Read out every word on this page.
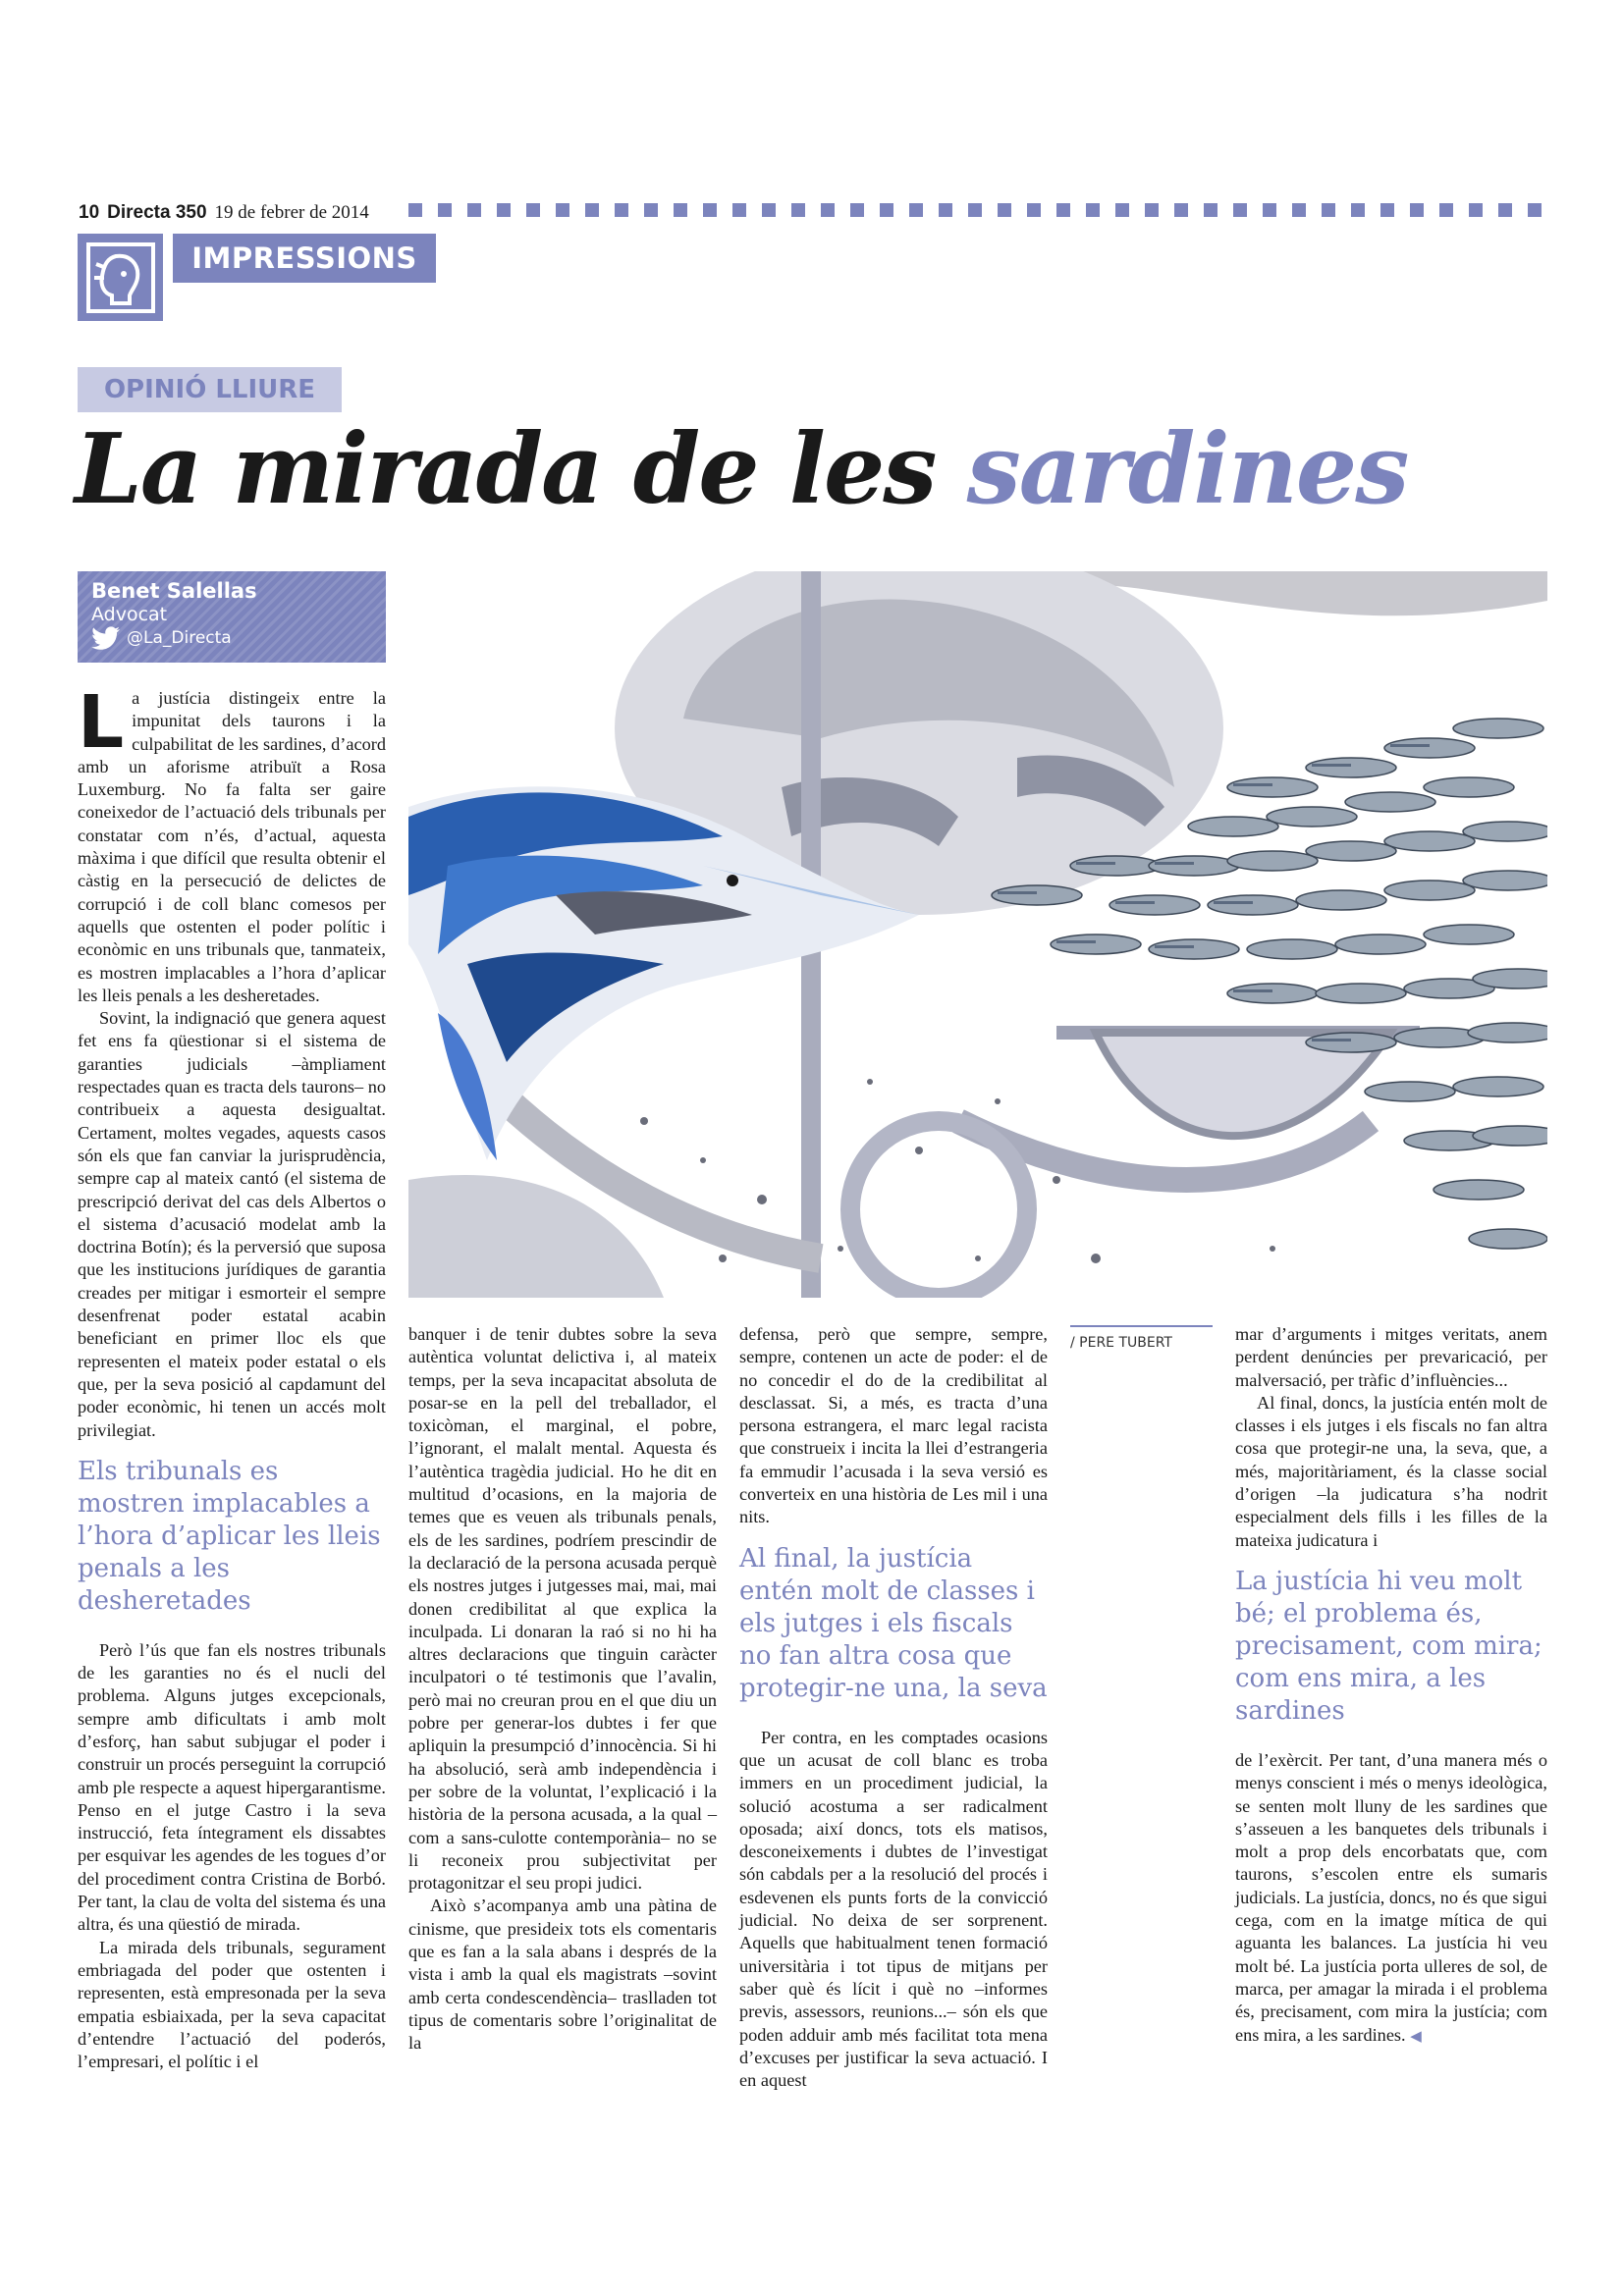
10 Directa 350 19 de febrer de 2014
IMPRESSIONS
OPINIÓ LLIURE
La mirada de les sardines
Benet Salellas
Advocat
@La_Directa

La justícia distingeix entre la impunitat dels taurons i la culpabilitat de les sardines, d’acord amb un aforisme atribuït a Rosa Luxemburg. No fa falta ser gaire coneixedor de l’actuació dels tribunals per constatar com n’és, d’actual, aquesta màxima i que difícil que resulta obtenir el càstig en la persecució de delictes de corrupció i de coll blanc comesos per aquells que ostenten el poder polític i econòmic en uns tribunals que, tanmateix, es mostren implacables a l’hora d’aplicar les lleis penals a les desheretades.

Sovint, la indignació que genera aquest fet ens fa qüestionar si el sistema de garanties judicials –àmpliament respectades quan es tracta dels taurons– no contribueix a aquesta desigualtat. Certament, moltes vegades, aquests casos són els que fan canviar la jurisprudència, sempre cap al mateix cantó (el sistema de prescripció derivat del cas dels Albertos o el sistema d’acusació modelat amb la doctrina Botín); és la perversió que suposa que les institucions jurídiques de garantia creades per mitigar i esmorteir el sempre desenfrenat poder estatal acabin beneficiant en primer lloc els que representen el mateix poder estatal o els que, per la seva posició al capdamunt del poder econòmic, hi tenen un accés molt privilegiat.

Els tribunals es mostren implacables a l’hora d’aplicar les lleis penals a les desheretades

Però l’ús que fan els nostres tribunals de les garanties no és el nucli del problema. Alguns jutges excepcionals, sempre amb dificultats i amb molt d’esforç, han sabut subjugar el poder i construir un procés perseguint la corrupció amb ple respecte a aquest hipergarantisme. Penso en el jutge Castro i la seva instrucció, feta íntegrament els dissabtes per esquivar les agendes de les togues d’or del procediment contra Cristina de Borbó. Per tant, la clau de volta del sistema és una altra, és una qüestió de mirada.

La mirada dels tribunals, segurament embriagada del poder que ostenten i representen, està empresonada per la seva empatia esbiaixada, per la seva capacitat d’entendre l’actuació del poderós, l’empresari, el polític i el

banquer i de tenir dubtes sobre la seva autèntica voluntat delictiva i, al mateix temps, per la seva incapacitat absoluta de posar-se en la pell del treballador, el toxicòman, el marginal, el pobre, l’ignorant, el malalt mental. Aquesta és l’autèntica tragèdia judicial. Ho he dit en multitud d’ocasions, en la majoria de temes que es veuen als tribunals penals, els de les sardines, podríem prescindir de la declaració de la persona acusada perquè els nostres jutges i jutgesses mai, mai, mai donen credibilitat al que explica la inculpada. Li donaran la raó si no hi ha altres declaracions que tinguin caràcter inculpatori o té testimonis que l’avalin, però mai no creuran prou en el que diu un pobre per generar-los dubtes i fer que apliquin la presumpció d’innocència. Si hi ha absolució, serà amb independència i per sobre de la voluntat, l’explicació i la història de la persona acusada, a la qual –com a sans-culotte contemporània– no se li reconeix prou subjectivitat per protagonitzar el seu propi judici.

Això s’acompanya amb una pàtina de cinisme, que presideix tots els comentaris que es fan a la sala abans i després de la vista i amb la qual els magistrats –sovint amb certa condescendència– traslladen tot tipus de comentaris sobre l’originalitat de la

defensa, però que sempre, sempre, sempre, contenen un acte de poder: el de no concedir el do de la credibilitat al desclassat. Si, a més, es tracta d’una persona estrangera, el marc legal racista que construeix i incita la llei d’estrangeria fa emmudir l’acusada i la seva versió es converteix en una història de Les mil i una nits.

Al final, la justícia entén molt de classes i els jutges i els fiscals no fan altra cosa que protegir-ne una, la seva

Per contra, en les comptades ocasions que un acusat de coll blanc es troba immers en un procediment judicial, la solució acostuma a ser radicalment oposada; així doncs, tots els matisos, desconeixements i dubtes de l’investigat són cabdals per a la resolució del procés i esdevenen els punts forts de la convicció judicial. No deixa de ser sorprenent. Aquells que habitualment tenen formació universitària i tot tipus de mitjans per saber què és lícit i què no –informes previs, assessors, reunions...– són els que poden adduir amb més facilitat tota mena d’excuses per justificar la seva actuació. I en aquest

/ PERE TUBERT	mar d’arguments i mitges veritats, anem perdent denúncies per prevaricació, per malversació, per tràfic d’influències...

Al final, doncs, la justícia entén molt de classes i els jutges i els fiscals no fan altra cosa que protegir-ne una, la seva, que, a més, majoritàriament, és la classe social d’origen –la judicatura s’ha nodrit especialment dels fills i les filles de la mateixa judicatura i

La justícia hi veu molt bé; el problema és, precisament, com mira; com ens mira, a les sardines

de l’exèrcit. Per tant, d’una manera més o menys conscient i més o menys ideològica, se senten molt lluny de les sardines que s’asseuen a les banquetes dels tribunals i molt a prop dels encorbatats que, com taurons, s’escolen entre els sumaris judicials. La justícia, doncs, no és que sigui cega, com en la imatge mítica de qui aguanta les balances. La justícia hi veu molt bé. La justícia porta ulleres de sol, de marca, per amagar la mirada i el problema és, precisament, com mira la justícia; com ens mira, a les sardines. ◀
